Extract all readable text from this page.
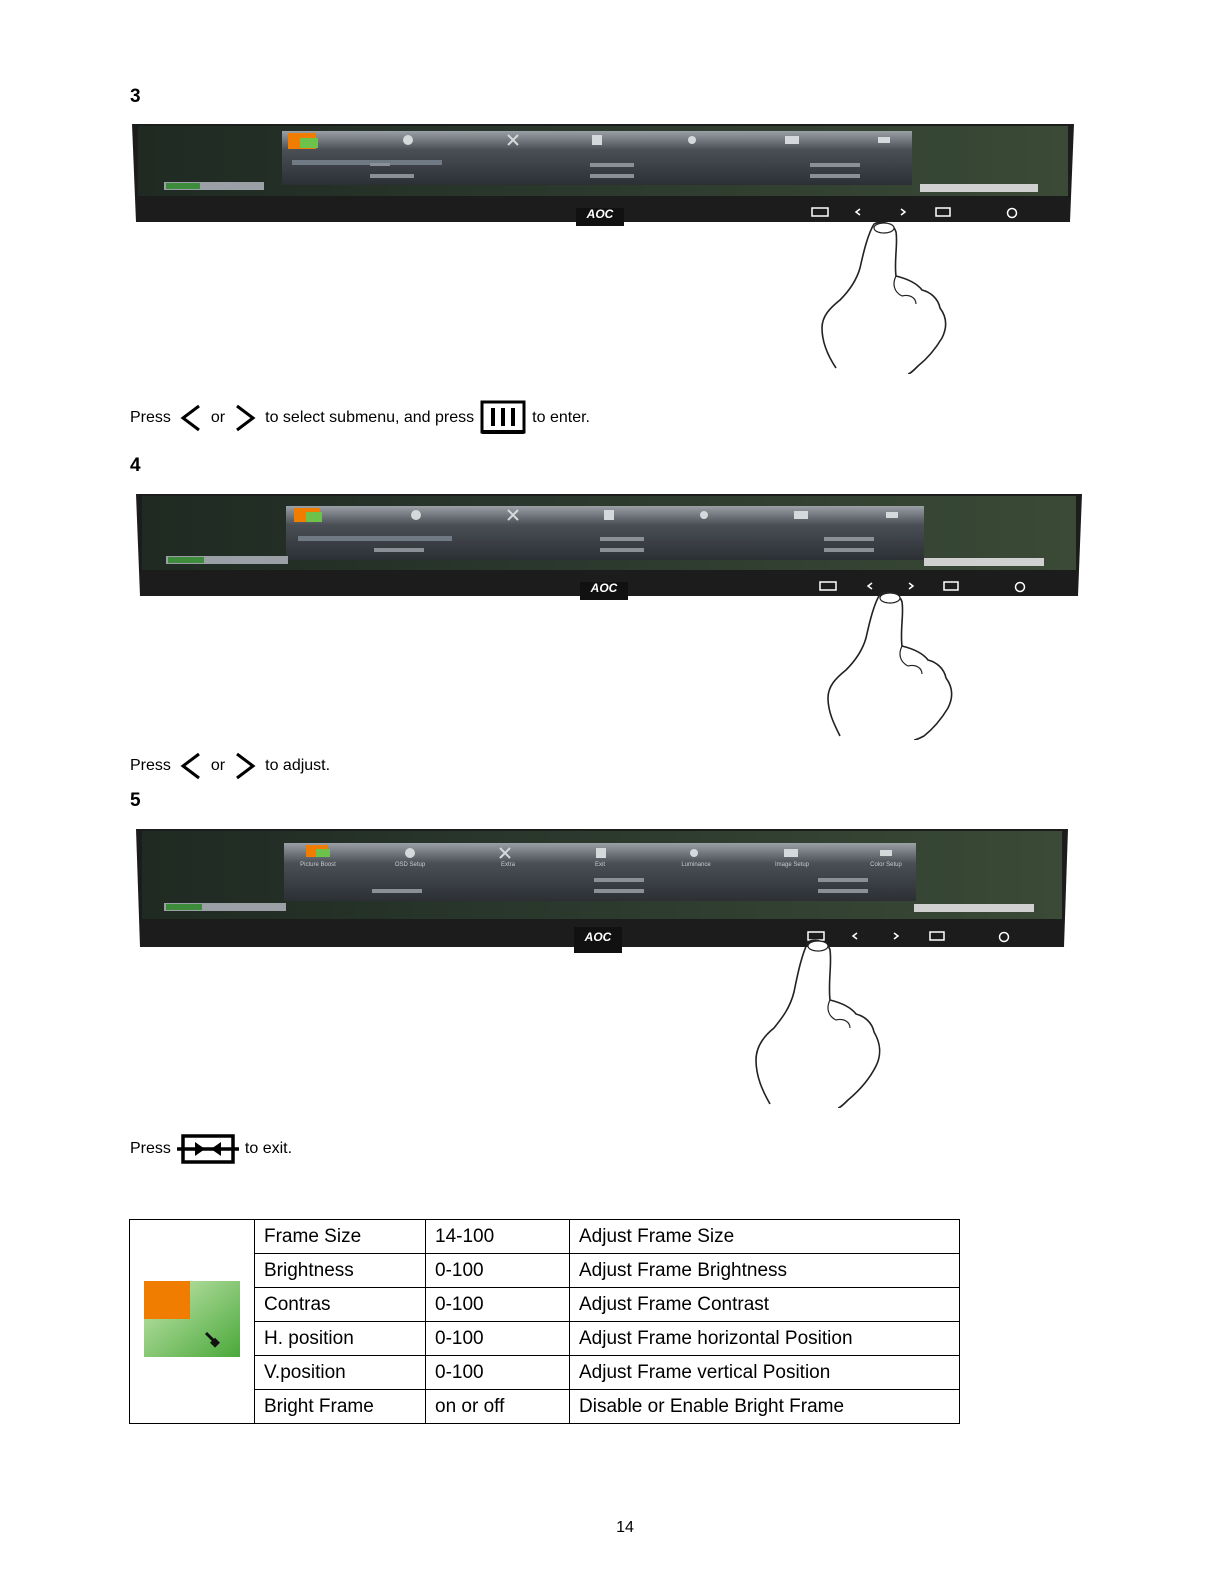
3
AOC
Press	or	to select submenu, and press	to enter.
4
AOC
Press	or	to adjust.
5
Picture Boost	OSD Setup	Extra	Exit	Luminance	Image Setup	Color Setup
AOC
Press	to exit.
	Frame Size	14-100	Adjust Frame Size
	Brightness	0-100	Adjust Frame Brightness
	Contras	0-100	Adjust Frame Contrast
	H. position	0-100	Adjust Frame horizontal Position
	V.position	0-100	Adjust Frame vertical Position
	Bright Frame	on or off	Disable or Enable Bright Frame
14
